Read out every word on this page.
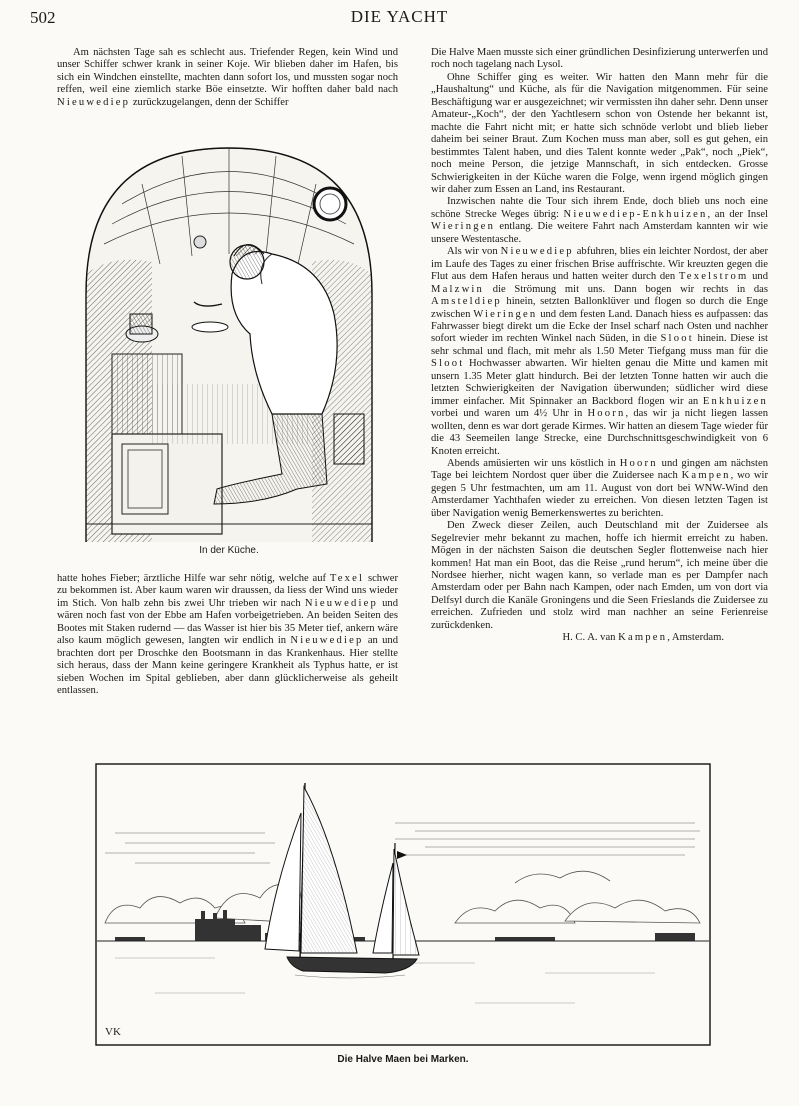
502	DIE YACHT

Am nächsten Tage sah es schlecht aus. Triefender Regen, kein Wind und unser Schiffer schwer krank in seiner Koje. Wir blieben daher im Hafen, bis sich ein Windchen einstellte, machten dann sofort los, und mussten sogar noch reffen, weil eine ziemlich starke Böe einsetzte. Wir hofften daher bald nach Nieuwediep zurückzugelangen, denn der Schiffer

In der Küche.

hatte hohes Fieber; ärztliche Hilfe war sehr nötig, welche auf Texel schwer zu bekommen ist. Aber kaum waren wir draussen, da liess der Wind uns wieder im Stich. Von halb zehn bis zwei Uhr trieben wir nach Nieuwediep und wären noch fast von der Ebbe am Hafen vorbeigetrieben. An beiden Seiten des Bootes mit Staken rudernd — das Wasser ist hier bis 35 Meter tief, ankern wäre also kaum möglich gewesen, langten wir endlich in Nieuwediep an und brachten dort per Droschke den Bootsmann in das Krankenhaus. Hier stellte sich heraus, dass der Mann keine geringere Krankheit als Typhus hatte, er ist sieben Wochen im Spital geblieben, aber dann glücklicherweise als geheilt entlassen.

Die Halve Maen musste sich einer gründlichen Desinfizierung unterwerfen und roch noch tagelang nach Lysol.

Ohne Schiffer ging es weiter. Wir hatten den Mann mehr für die „Haushaltung“ und Küche, als für die Navigation mitgenommen. Für seine Beschäftigung war er ausgezeichnet; wir vermissten ihn daher sehr. Denn unser Amateur-„Koch“, der den Yachtlesern schon von Ostende her bekannt ist, machte die Fahrt nicht mit; er hatte sich schnöde verlobt und blieb lieber daheim bei seiner Braut. Zum Kochen muss man aber, soll es gut gehen, ein bestimmtes Talent haben, und dies Talent konnte weder „Pak“, noch „Piek“, noch meine Person, die jetzige Mannschaft, in sich entdecken. Grosse Schwierigkeiten in der Küche waren die Folge, wenn irgend möglich gingen wir daher zum Essen an Land, ins Restaurant.

Inzwischen nahte die Tour sich ihrem Ende, doch blieb uns noch eine schöne Strecke Weges übrig: Nieuwediep-Enkhuizen, an der Insel Wieringen entlang. Die weitere Fahrt nach Amsterdam kannten wir wie unsere Westentasche.

Als wir von Nieuwediep abfuhren, blies ein leichter Nordost, der aber im Laufe des Tages zu einer frischen Brise auffrischte. Wir kreuzten gegen die Flut aus dem Hafen heraus und hatten weiter durch den Texelstrom und Malzwin die Strömung mit uns. Dann bogen wir rechts in das Amsteldiep hinein, setzten Ballonklüver und flogen so durch die Enge zwischen Wieringen und dem festen Land. Danach hiess es aufpassen: das Fahrwasser biegt direkt um die Ecke der Insel scharf nach Osten und nachher sofort wieder im rechten Winkel nach Süden, in die Sloot hinein. Diese ist sehr schmal und flach, mit mehr als 1.50 Meter Tiefgang muss man für die Sloot Hochwasser abwarten. Wir hielten genau die Mitte und kamen mit unsern 1.35 Meter glatt hindurch. Bei der letzten Tonne hatten wir auch die letzten Schwierigkeiten der Navigation überwunden; südlicher wird diese immer einfacher. Mit Spinnaker an Backbord flogen wir an Enkhuizen vorbei und waren um 4½ Uhr in Hoorn, das wir ja nicht liegen lassen wollten, denn es war dort gerade Kirmes. Wir hatten an diesem Tage wieder für die 43 Seemeilen lange Strecke, eine Durchschnittsgeschwindigkeit von 6 Knoten erreicht.

Abends amüsierten wir uns köstlich in Hoorn und gingen am nächsten Tage bei leichtem Nordost quer über die Zuidersee nach Kampen, wo wir gegen 5 Uhr festmachten, um am 11. August von dort bei WNW-Wind den Amsterdamer Yachthafen wieder zu erreichen. Von diesen letzten Tagen ist über Navigation wenig Bemerkenswertes zu berichten.

Den Zweck dieser Zeilen, auch Deutschland mit der Zuidersee als Segelrevier mehr bekannt zu machen, hoffe ich hiermit erreicht zu haben. Mögen in der nächsten Saison die deutschen Segler flottenweise nach hier kommen! Hat man ein Boot, das die Reise „rund herum“, ich meine über die Nordsee hierher, nicht wagen kann, so verlade man es per Dampfer nach Amsterdam oder per Bahn nach Kampen, oder nach Emden, um von dort via Delfsyl durch die Kanäle Groningens und die Seen Frieslands die Zuidersee zu erreichen. Zufrieden und stolz wird man nachher an seine Ferienreise zurückdenken.

H. C. A. van Kampen, Amsterdam.

VK
Die Halve Maen bei Marken.
